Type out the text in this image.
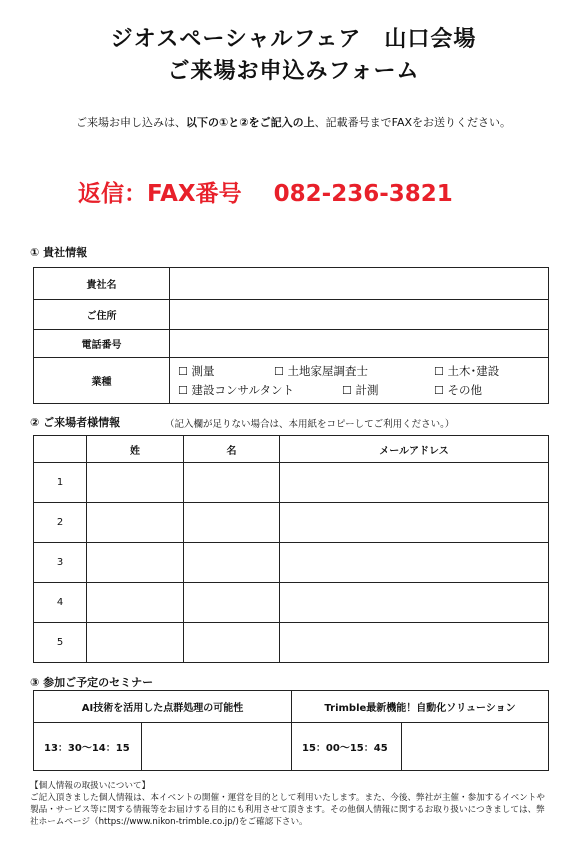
ジオスペーシャルフェア　山口会場
ご来場お申込みフォーム
ご来場お申し込みは、以下の①と②をご記入の上、記載番号までFAXをお送りください。
返信：FAX番号 082-236-3821
① 貴社情報
貴社名	
ご住所	
電話番号	
業種	☐ 測量 ☐ 土地家屋調査士 ☐ 土木･建設
☐ 建設コンサルタント ☐ 計測 ☐ その他
② ご来場者様情報	（記入欄が足りない場合は、本用紙をコピーしてご利用ください。）
	姓	名	メールアドレス
1			
2			
3			
4			
5			
③ 参加ご予定のセミナー
AI技術を活用した点群処理の可能性		Trimble最新機能！自動化ソリューション	
13：30～14：15		15：00～15：45	
【個人情報の取扱いについて】
ご記入頂きました個人情報は、本イベントの開催・運営を目的として利用いたします。また、今後、弊社が主催・参加するイベントや製品・サービス等に関する情報等をお届けする目的にも利用させて頂きます。その他個人情報に関するお取り扱いにつきましては、弊社ホームページ（https://www.nikon-trimble.co.jp/)をご確認下さい。
